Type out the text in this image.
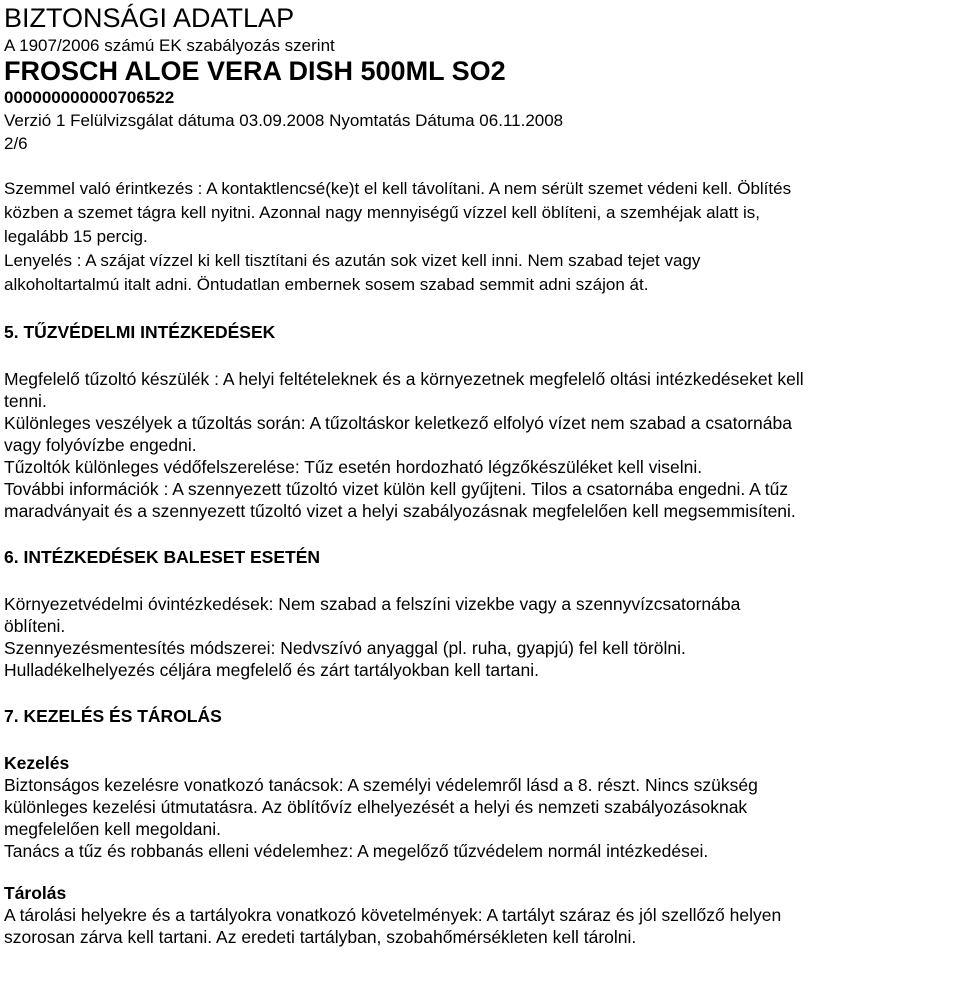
BIZTONSÁGI ADATLAP
A 1907/2006 számú EK szabályozás szerint
FROSCH ALOE VERA DISH 500ML SO2
000000000000706522
Verzió 1 Felülvizsgálat dátuma 03.09.2008 Nyomtatás Dátuma 06.11.2008
2/6

Szemmel való érintkezés : A kontaktlencsé(ke)t el kell távolítani. A nem sérült szemet védeni kell. Öblítés

közben a szemet tágra kell nyitni. Azonnal nagy mennyiségű vízzel kell öblíteni, a szemhéjak alatt is,

legalább 15 percig.

Lenyelés : A szájat vízzel ki kell tisztítani és azután sok vizet kell inni. Nem szabad tejet vagy

alkoholtartalmú italt adni. Öntudatlan embernek sosem szabad semmit adni szájon át.

5. TŰZVÉDELMI INTÉZKEDÉSEK

Megfelelő tűzoltó készülék : A helyi feltételeknek és a környezetnek megfelelő oltási intézkedéseket kell

tenni.

Különleges veszélyek a tűzoltás során: A tűzoltáskor keletkező elfolyó vízet nem szabad a csatornába

vagy folyóvízbe engedni.

Tűzoltók különleges védőfelszerelése: Tűz esetén hordozható légzőkészüléket kell viselni.

További információk : A szennyezett tűzoltó vizet külön kell gyűjteni. Tilos a csatornába engedni. A tűz

maradványait és a szennyezett tűzoltó vizet a helyi szabályozásnak megfelelően kell megsemmisíteni.

6. INTÉZKEDÉSEK BALESET ESETÉN

Környezetvédelmi óvintézkedések: Nem szabad a felszíni vizekbe vagy a szennyvízcsatornába

öblíteni.

Szennyezésmentesítés módszerei: Nedvszívó anyaggal (pl. ruha, gyapjú) fel kell törölni.

Hulladékelhelyezés céljára megfelelő és zárt tartályokban kell tartani.

7. KEZELÉS ÉS TÁROLÁS
Kezelés

Biztonságos kezelésre vonatkozó tanácsok: A személyi védelemről lásd a 8. részt. Nincs szükség

különleges kezelési útmutatásra. Az öblítővíz elhelyezését a helyi és nemzeti szabályozásoknak

megfelelően kell megoldani.

Tanács a tűz és robbanás elleni védelemhez: A megelőző tűzvédelem normál intézkedései.

Tárolás

A tárolási helyekre és a tartályokra vonatkozó követelmények: A tartályt száraz és jól szellőző helyen

szorosan zárva kell tartani. Az eredeti tartályban, szobahőmérsékleten kell tárolni.
